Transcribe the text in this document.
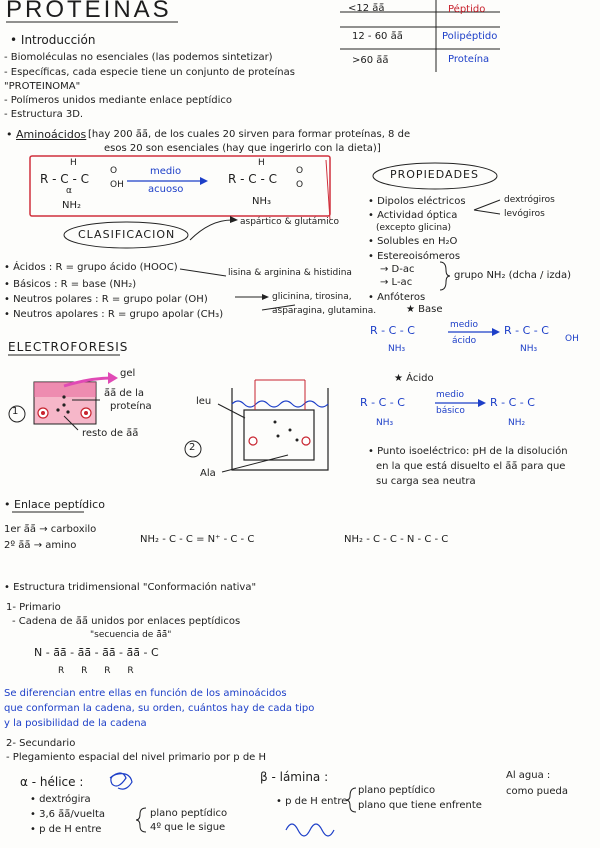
PROTEINAS	<12 ā̄ā̄	Péptido
12 - 60 ā̄ā̄	Polipéptido
>60 ā̄ā̄	Proteína
• Introducción
- Biomoléculas no esenciales (las podemos sintetizar)
- Específicas, cada especie tiene un conjunto de proteínas "PROTEINOMA"
- Polímeros unidos mediante enlace peptídico
- Estructura 3D.
• Aminoácidos [hay 200 ā̄ā̄, de los cuales 20 sirven para formar proteínas, 8 de
esos 20 son esenciales (hay que ingerirlo con la dieta)]
R - C - C
H
α
O
OH
NH₂
medio
acuoso
R - C - C
H
O
O
NH₃
CLASIFICACION
aspártico & glutámico
• Ácidos : R = grupo ácido (HOOC)
• Básicos : R = base (NH₂)
• Neutros polares : R = grupo polar (OH)
• Neutros apolares : R = grupo apolar (CH₃)
lisina & arginina & histidina
glicinina, tirosina,
asparagina, glutamina.
PROPIEDADES
• Dipolos eléctricos
• Actividad óptica
(excepto glicina)
• Solubles en H₂O
• Estereoisómeros
→ D-ac
→ L-ac
• Anfóteros
dextrógiros
levógiros
grupo NH₂ (dcha / izda)
★ Base
R - C - C
NH₃
medio
ácido
R - C - C
OH
NH₃
★ Ácido
R - C - C
NH₃
medio
básico
R - C - C
NH₂
• Punto isoeléctrico: pH de la disolución
en la que está disuelto el ā̄ā̄ para que
su carga sea neutra
ELECTROFORESIS
1
gel
ā̄ā̄ de la
proteína
resto de ā̄ā̄
2
leu
Ala
• Enlace peptídico
1er ā̄ā̄ → carboxilo
2º ā̄ā̄ → amino
NH₂ - C - C = N⁺ - C - C	NH₂ - C - C - N - C - C
• Estructura tridimensional "Conformación nativa"
1- Primario
- Cadena de ā̄ā̄ unidos por enlaces peptídicos
"secuencia de ā̄ā̄"
N - ā̄ā̄ - ā̄ā̄ - ā̄ā̄ - ā̄ā̄ - C
R R R R
Se diferencian entre ellas en función de los aminoácidos
que conforman la cadena, su orden, cuántos hay de cada tipo
y la posibilidad de la cadena
2- Secundario
- Plegamiento espacial del nivel primario por p de H
α - hélice :
• dextrógira
• 3,6 ā̄ā̄/vuelta
• p de H entre
plano peptídico
4º que le sigue
β - lámina :
• p de H entre
plano peptídico
plano que tiene enfrente
Al agua :
como pueda
